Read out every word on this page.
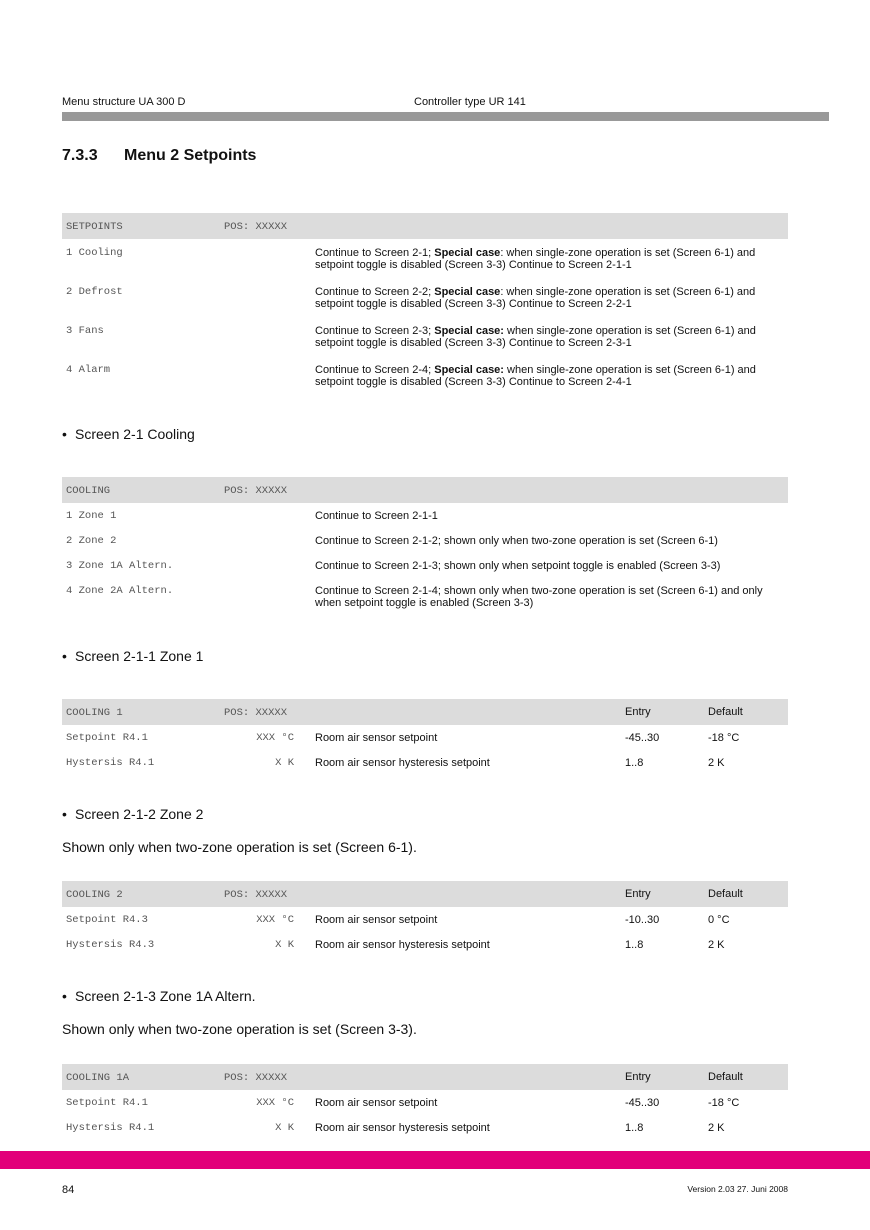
Menu structure UA 300 D	Controller type UR 141
7.3.3 Menu 2 Setpoints
SETPOINTS	POS: XXXXX
1 Cooling	Continue to Screen 2-1; Special case: when single-zone operation is set (Screen 6-1) and setpoint toggle is disabled (Screen 3-3) Continue to Screen 2-1-1
2 Defrost	Continue to Screen 2-2; Special case: when single-zone operation is set (Screen 6-1) and setpoint toggle is disabled (Screen 3-3) Continue to Screen 2-2-1
3 Fans	Continue to Screen 2-3; Special case: when single-zone operation is set (Screen 6-1) and setpoint toggle is disabled (Screen 3-3) Continue to Screen 2-3-1
4 Alarm	Continue to Screen 2-4; Special case: when single-zone operation is set (Screen 6-1) and setpoint toggle is disabled (Screen 3-3) Continue to Screen 2-4-1
• Screen 2-1 Cooling
COOLING	POS: XXXXX
1 Zone 1	Continue to Screen 2-1-1
2 Zone 2	Continue to Screen 2-1-2; shown only when two-zone operation is set (Screen 6-1)
3 Zone 1A Altern.	Continue to Screen 2-1-3; shown only when setpoint toggle is enabled (Screen 3-3)
4 Zone 2A Altern.	Continue to Screen 2-1-4; shown only when two-zone operation is set (Screen 6-1) and only when setpoint toggle is enabled (Screen 3-3)
• Screen 2-1-1 Zone 1
COOLING 1	POS: XXXXX	Entry	Default
Setpoint R4.1	XXX °C Room air sensor setpoint	-45..30	-18 °C
Hystersis R4.1	X K Room air sensor hysteresis setpoint	1..8	2 K
• Screen 2-1-2 Zone 2
Shown only when two-zone operation is set (Screen 6-1).
COOLING 2	POS: XXXXX	Entry	Default
Setpoint R4.3	XXX °C Room air sensor setpoint	-10..30	0 °C
Hystersis R4.3	X K Room air sensor hysteresis setpoint	1..8	2 K
• Screen 2-1-3 Zone 1A Altern.
Shown only when two-zone operation is set (Screen 3-3).
COOLING 1A	POS: XXXXX	Entry	Default
Setpoint R4.1	XXX °C Room air sensor setpoint	-45..30	-18 °C
Hystersis R4.1	X K Room air sensor hysteresis setpoint	1..8	2 K
84	Version 2.03 27. Juni 2008
